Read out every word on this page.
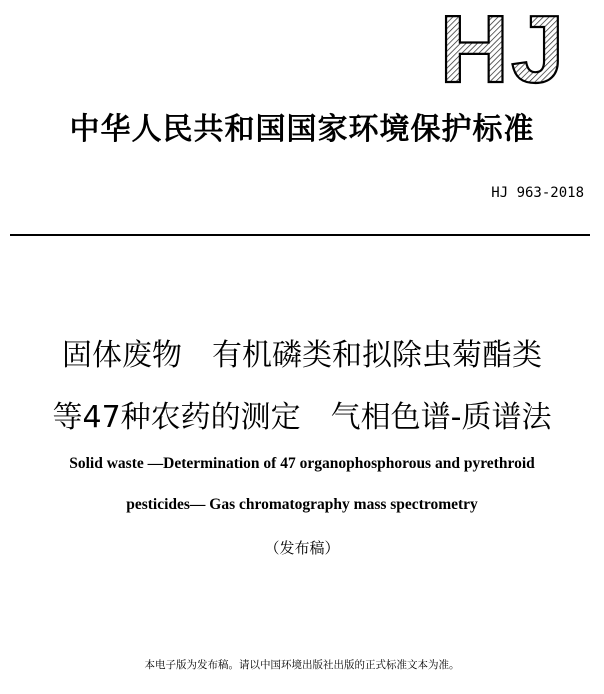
HJ
中华人民共和国国家环境保护标准
HJ 963-2018
固体废物　有机磷类和拟除虫菊酯类
等47种农药的测定　气相色谱-质谱法
Solid waste —Determination of 47 organophosphorous and pyrethroid
pesticides— Gas chromatography mass spectrometry
（发布稿）
本电子版为发布稿。请以中国环境出版社出版的正式标准文本为准。
